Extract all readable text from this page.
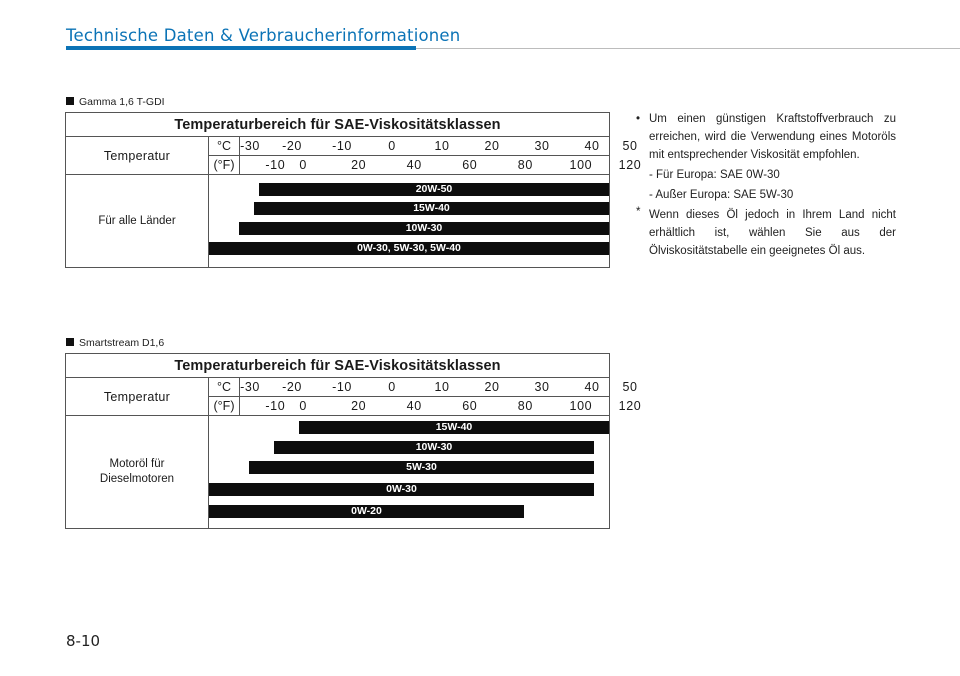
Technische Daten & Verbraucherinformationen
Gamma 1,6 T-GDI
Temperaturbereich für SAE-Viskositätsklassen
Temperatur
°C -30 -20 -10	0	10	20	30	40 50
(°F)	-10 0	20	40	60	80	100 120
Für alle Länder
20W-50
15W-40
10W-30
0W-30, 5W-30, 5W-40
Smartstream D1,6
Temperaturbereich für SAE-Viskositätsklassen
Temperatur
°C -30 -20 -10	0	10	20	30	40 50
(°F)	-10 0	20	40	60	80	100 120
Motoröl für
Dieselmotoren
15W-40
10W-30
5W-30
0W-30
0W-20
• Um einen günstigen Kraftstoffverbrauch zu erreichen, wird die Verwendung eines Motoröls mit entsprechender Viskosität empfohlen.
- Für Europa: SAE 0W-30
- Außer Europa: SAE 5W-30
* Wenn dieses Öl jedoch in Ihrem Land nicht erhältlich ist, wählen Sie aus der Ölviskositätstabelle ein geeignetes Öl aus.
8-10
